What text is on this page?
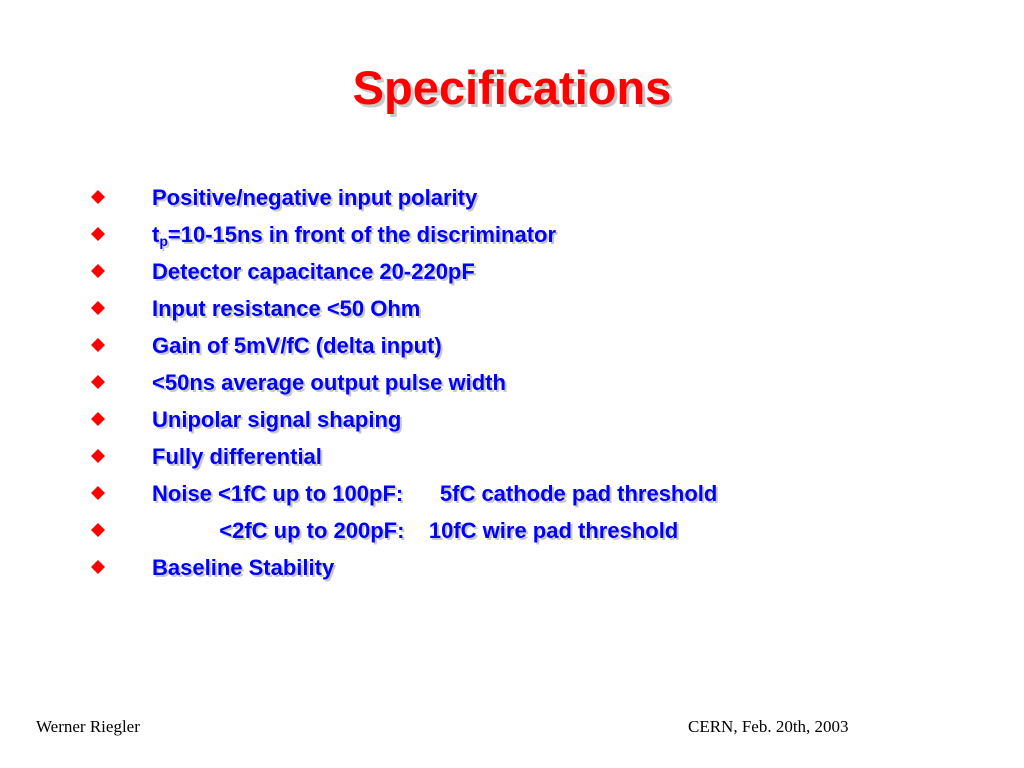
Specifications
Positive/negative input polarity
$t_p=10-15ns$ in front of the discriminator
Detector capacitance 20-220pF
Input resistance <50 Ohm
Gain of 5mV/fC (delta input)
<50ns average output pulse width
Unipolar signal shaping
Fully differential
Noise <1fC up to 100pF:      5fC cathode pad threshold
<2fC up to 200pF:    10fC wire pad threshold
Baseline Stability
Werner Riegler	CERN, Feb. 20th, 2003
